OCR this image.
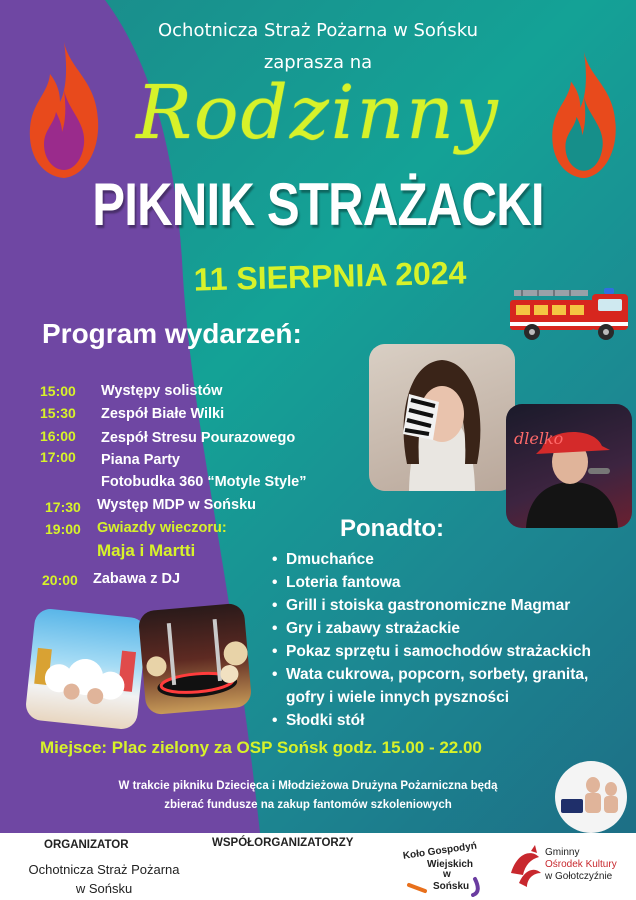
Ochotnicza Straż Pożarna w Sońsku
zaprasza na
Rodzinny
PIKNIK STRAŻACKI
11 SIERPNIA 2024
Program wydarzeń:
15:00 Występy solistów
15:30 Zespół Białe Wilki
16:00 Zespół Stresu Pourazowego
17:00 Piana Party
Fotobudka 360 “Motyle Style”
17:30 Występ MDP w Sońsku
19:00 Gwiazdy wieczoru:
Maja i Martti
20:00 Zabawa z DJ
dlelko
Ponadto:
• Dmuchańce
• Loteria fantowa
• Grill i stoiska gastronomiczne Magmar
• Gry i zabawy strażackie
• Pokaz sprzętu i samochodów strażackich
• Wata cukrowa, popcorn, sorbety, granita,
gofry i wiele innych pyszności
• Słodki stół
Miejsce: Plac zielony za OSP Sońsk godz. 15.00 - 22.00
W trakcie pikniku Dziecięca i Młodzieżowa Drużyna Pożarniczna będą
zbierać fundusze na zakup fantomów szkoleniowych
ORGANIZATOR
Ochotnicza Straż Pożarna
w Sońsku
WSPÓŁORGANIZATORZY	Koło Gospodyń
Wiejskich
w
Sońsku
Gminny
Ośrodek Kultury
w Gołotczyźnie
